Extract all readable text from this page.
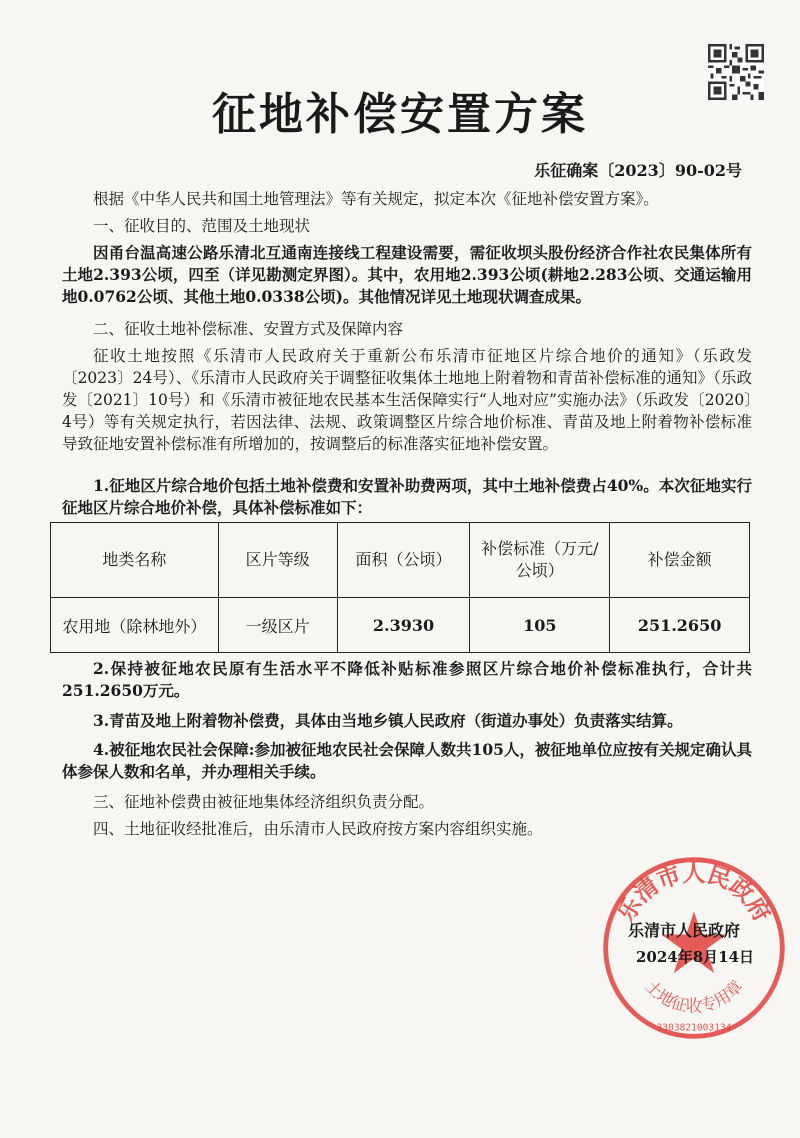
征地补偿安置方案
乐征确案〔2023〕90-02号
根据《中华人民共和国土地管理法》等有关规定，拟定本次《征地补偿安置方案》。
一、征收目的、范围及土地现状
因甬台温高速公路乐清北互通南连接线工程建设需要，需征收坝头股份经济合作社农民集体所有土地2.393公顷，四至（详见勘测定界图）。其中，农用地2.393公顷(耕地2.283公顷、交通运输用地0.0762公顷、其他土地0.0338公顷)。其他情况详见土地现状调查成果。
二、征收土地补偿标准、安置方式及保障内容
征收土地按照《乐清市人民政府关于重新公布乐清市征地区片综合地价的通知》（乐政发〔2023〕24号）、《乐清市人民政府关于调整征收集体土地地上附着物和青苗补偿标准的通知》（乐政发〔2021〕10号）和《乐清市被征地农民基本生活保障实行“人地对应”实施办法》（乐政发〔2020〕4号）等有关规定执行，若因法律、法规、政策调整区片综合地价标准、青苗及地上附着物补偿标准导致征地安置补偿标准有所增加的，按调整后的标准落实征地补偿安置。
1.征地区片综合地价包括土地补偿费和安置补助费两项，其中土地补偿费占40%。本次征地实行征地区片综合地价补偿，具体补偿标准如下：
地类名称	区片等级	面积（公顷）	补偿标准（万元/公顷）	补偿金额
农用地（除林地外）	一级区片	2.3930	105	251.2650
2.保持被征地农民原有生活水平不降低补贴标准参照区片综合地价补偿标准执行，合计共251.2650万元。
3.青苗及地上附着物补偿费，具体由当地乡镇人民政府（街道办事处）负责落实结算。
4.被征地农民社会保障:参加被征地农民社会保障人数共105人，被征地单位应按有关规定确认具体参保人数和名单，并办理相关手续。
三、征地补偿费由被征地集体经济组织负责分配。
四、土地征收经批准后，由乐清市人民政府按方案内容组织实施。
乐清市人民政府
土地征收专用章
3303821003134
乐清市人民政府
2024年8月14日
